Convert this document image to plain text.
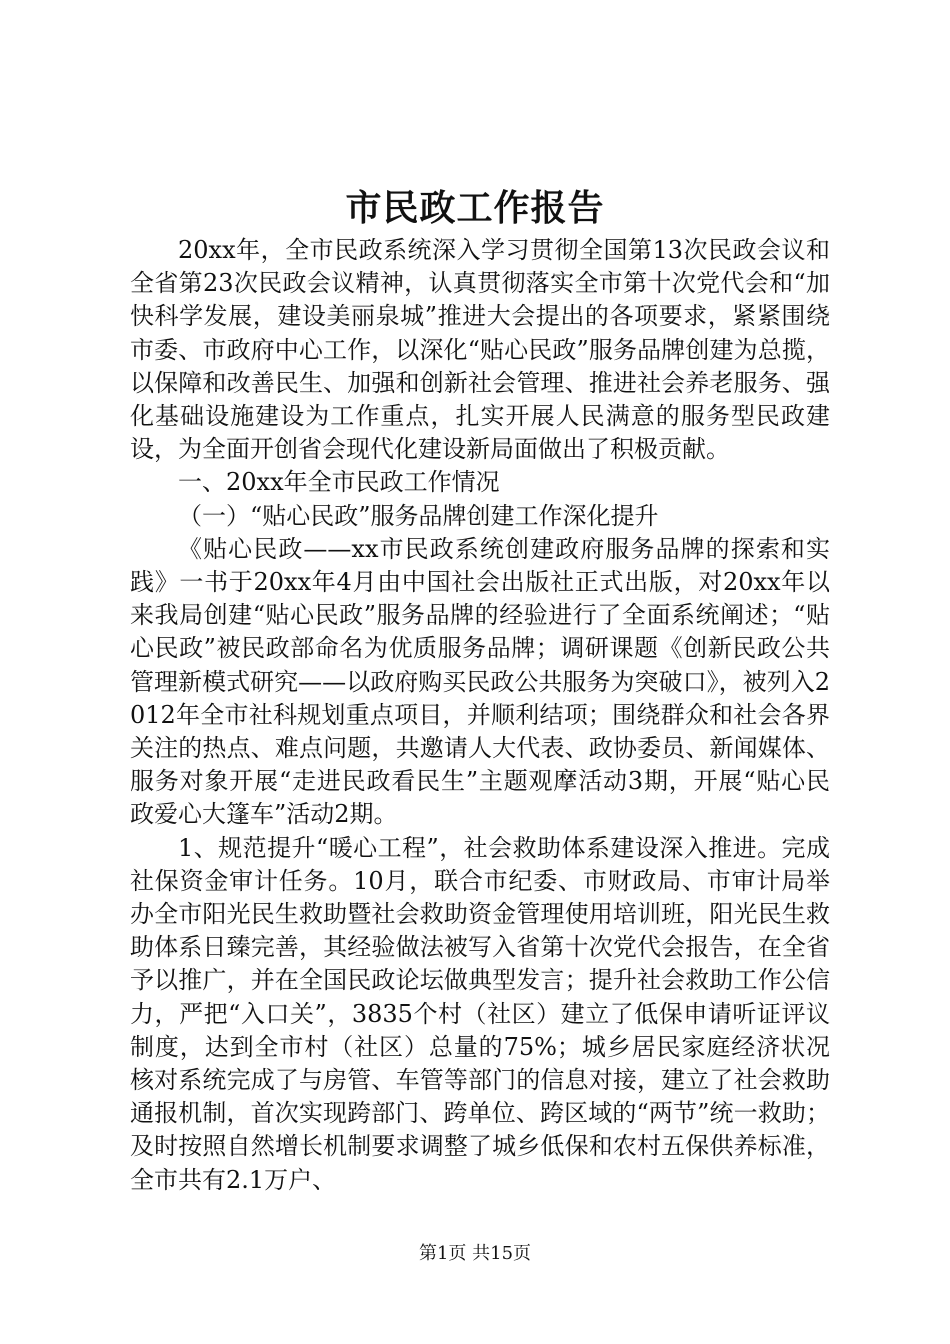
市民政工作报告

20xx年，全市民政系统深入学习贯彻全国第13次民政会议和全省第23次民政会议精神，认真贯彻落实全市第十次党代会和“加快科学发展，建设美丽泉城”推进大会提出的各项要求，紧紧围绕市委、市政府中心工作，以深化“贴心民政”服务品牌创建为总揽，以保障和改善民生、加强和创新社会管理、推进社会养老服务、强化基础设施建设为工作重点，扎实开展人民满意的服务型民政建设，为全面开创省会现代化建设新局面做出了积极贡献。

一、20xx年全市民政工作情况

（一）“贴心民政”服务品牌创建工作深化提升

《贴心民政——xx市民政系统创建政府服务品牌的探索和实践》一书于20xx年4月由中国社会出版社正式出版，对20xx年以来我局创建“贴心民政”服务品牌的经验进行了全面系统阐述；“贴心民政”被民政部命名为优质服务品牌；调研课题《创新民政公共管理新模式研究——以政府购买民政公共服务为突破口》，被列入2012年全市社科规划重点项目，并顺利结项；围绕群众和社会各界关注的热点、难点问题，共邀请人大代表、政协委员、新闻媒体、服务对象开展“走进民政看民生”主题观摩活动3期，开展“贴心民政爱心大篷车”活动2期。

1、规范提升“暖心工程”，社会救助体系建设深入推进。完成社保资金审计任务。10月，联合市纪委、市财政局、市审计局举办全市阳光民生救助暨社会救助资金管理使用培训班，阳光民生救助体系日臻完善，其经验做法被写入省第十次党代会报告，在全省予以推广，并在全国民政论坛做典型发言；提升社会救助工作公信力，严把“入口关”，3835个村（社区）建立了低保申请听证评议制度，达到全市村（社区）总量的75%；城乡居民家庭经济状况核对系统完成了与房管、车管等部门的信息对接，建立了社会救助通报机制，首次实现跨部门、跨单位、跨区域的“两节”统一救助；及时按照自然增长机制要求调整了城乡低保和农村五保供养标准，全市共有2.1万户、

第1页 共15页
